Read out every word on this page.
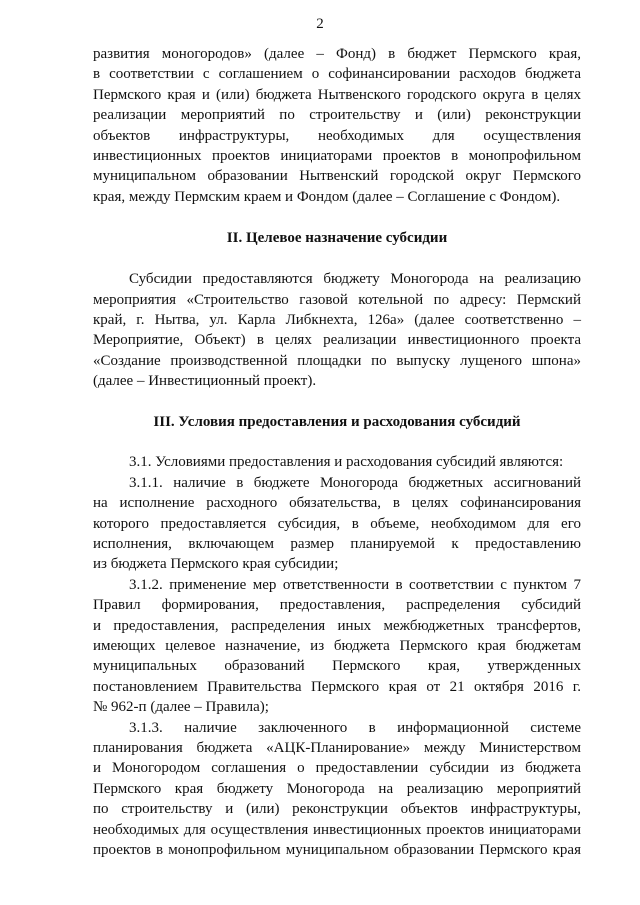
2
развития моногородов» (далее – Фонд) в бюджет Пермского края,
в соответствии с соглашением о софинансировании расходов бюджета
Пермского края и (или) бюджета Нытвенского городского округа в целях
реализации мероприятий по строительству и (или) реконструкции
объектов инфраструктуры, необходимых для осуществления
инвестиционных проектов инициаторами проектов в монопрофильном
муниципальном образовании Нытвенский городской округ Пермского
края, между Пермским краем и Фондом (далее – Соглашение с Фондом).
II. Целевое назначение субсидии
Субсидии предоставляются бюджету Моногорода на реализацию
мероприятия «Строительство газовой котельной по адресу: Пермский
край, г. Нытва, ул. Карла Либкнехта, 126а» (далее соответственно –
Мероприятие, Объект) в целях реализации инвестиционного проекта
«Создание производственной площадки по выпуску лущеного шпона»
(далее – Инвестиционный проект).
III. Условия предоставления и расходования субсидий
3.1. Условиями предоставления и расходования субсидий являются:
3.1.1. наличие в бюджете Моногорода бюджетных ассигнований
на исполнение расходного обязательства, в целях софинансирования
которого предоставляется субсидия, в объеме, необходимом для его
исполнения, включающем размер планируемой к предоставлению
из бюджета Пермского края субсидии;
3.1.2. применение мер ответственности в соответствии с пунктом 7
Правил формирования, предоставления, распределения субсидий
и предоставления, распределения иных межбюджетных трансфертов,
имеющих целевое назначение, из бюджета Пермского края бюджетам
муниципальных образований Пермского края, утвержденных
постановлением Правительства Пермского края от 21 октября 2016 г.
№ 962-п (далее – Правила);
3.1.3. наличие заключенного в информационной системе
планирования бюджета «АЦК-Планирование» между Министерством
и Моногородом соглашения о предоставлении субсидии из бюджета
Пермского края бюджету Моногорода на реализацию мероприятий
по строительству и (или) реконструкции объектов инфраструктуры,
необходимых для осуществления инвестиционных проектов инициаторами
проектов в монопрофильном муниципальном образовании Пермского края
